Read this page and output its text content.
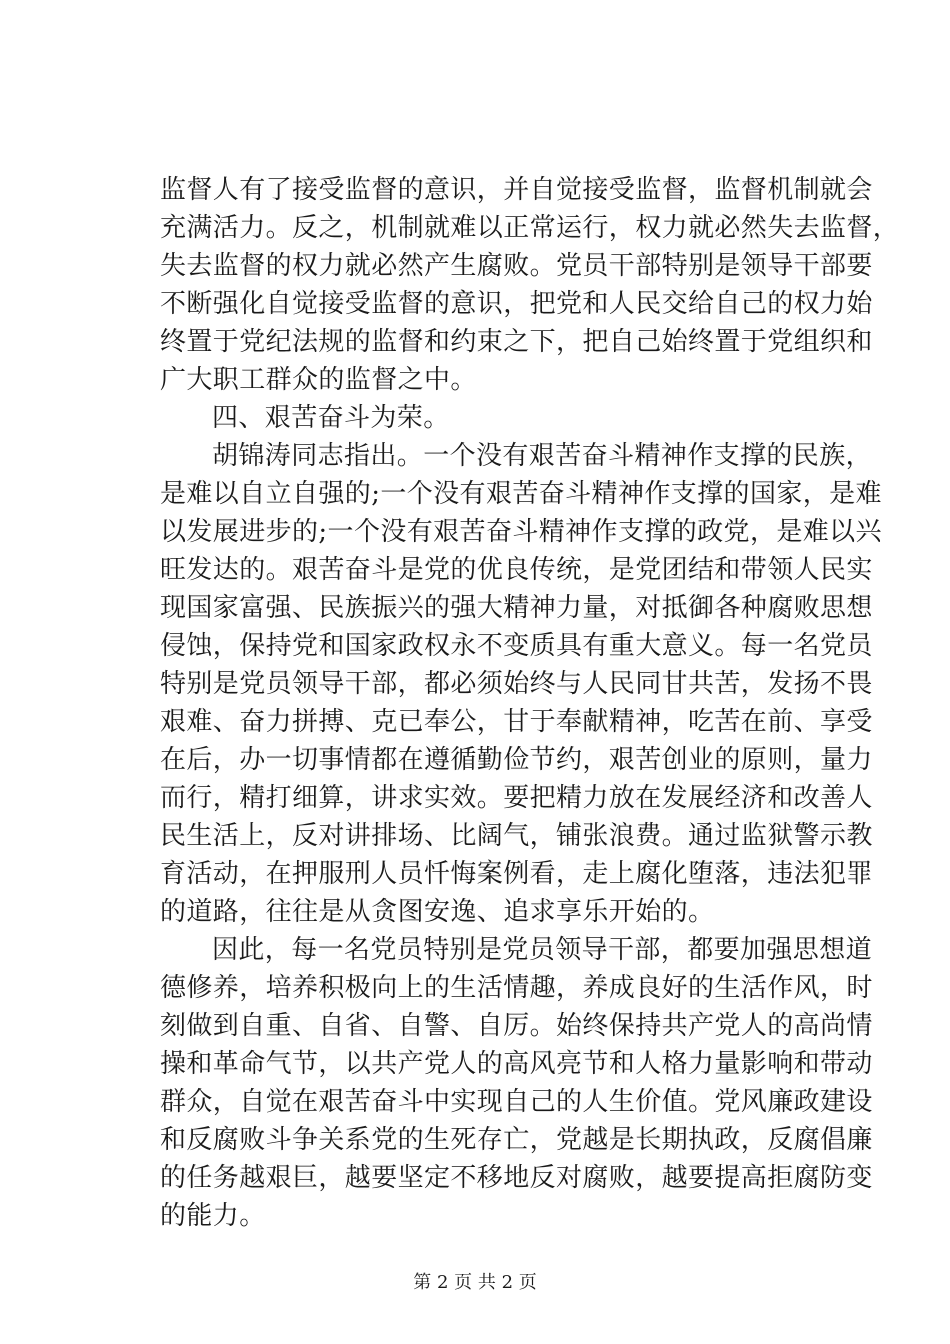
监督人有了接受监督的意识，并自觉接受监督，监督机制就会
充满活力。反之，机制就难以正常运行，权力就必然失去监督，
失去监督的权力就必然产生腐败。党员干部特别是领导干部要
不断强化自觉接受监督的意识，把党和人民交给自己的权力始
终置于党纪法规的监督和约束之下，把自己始终置于党组织和
广大职工群众的监督之中。
四、艰苦奋斗为荣。
胡锦涛同志指出。一个没有艰苦奋斗精神作支撑的民族，
是难以自立自强的;一个没有艰苦奋斗精神作支撑的国家，是难
以发展进步的;一个没有艰苦奋斗精神作支撑的政党，是难以兴
旺发达的。艰苦奋斗是党的优良传统，是党团结和带领人民实
现国家富强、民族振兴的强大精神力量，对抵御各种腐败思想
侵蚀，保持党和国家政权永不变质具有重大意义。每一名党员
特别是党员领导干部，都必须始终与人民同甘共苦，发扬不畏
艰难、奋力拼搏、克已奉公，甘于奉献精神，吃苦在前、享受
在后，办一切事情都在遵循勤俭节约，艰苦创业的原则，量力
而行，精打细算，讲求实效。要把精力放在发展经济和改善人
民生活上，反对讲排场、比阔气，铺张浪费。通过监狱警示教
育活动，在押服刑人员忏悔案例看，走上腐化堕落，违法犯罪
的道路，往往是从贪图安逸、追求享乐开始的。
因此，每一名党员特别是党员领导干部，都要加强思想道
德修养，培养积极向上的生活情趣，养成良好的生活作风，时
刻做到自重、自省、自警、自厉。始终保持共产党人的高尚情
操和革命气节，以共产党人的高风亮节和人格力量影响和带动
群众，自觉在艰苦奋斗中实现自己的人生价值。党风廉政建设
和反腐败斗争关系党的生死存亡，党越是长期执政，反腐倡廉
的任务越艰巨，越要坚定不移地反对腐败，越要提高拒腐防变
的能力。
第 2 页 共 2 页
